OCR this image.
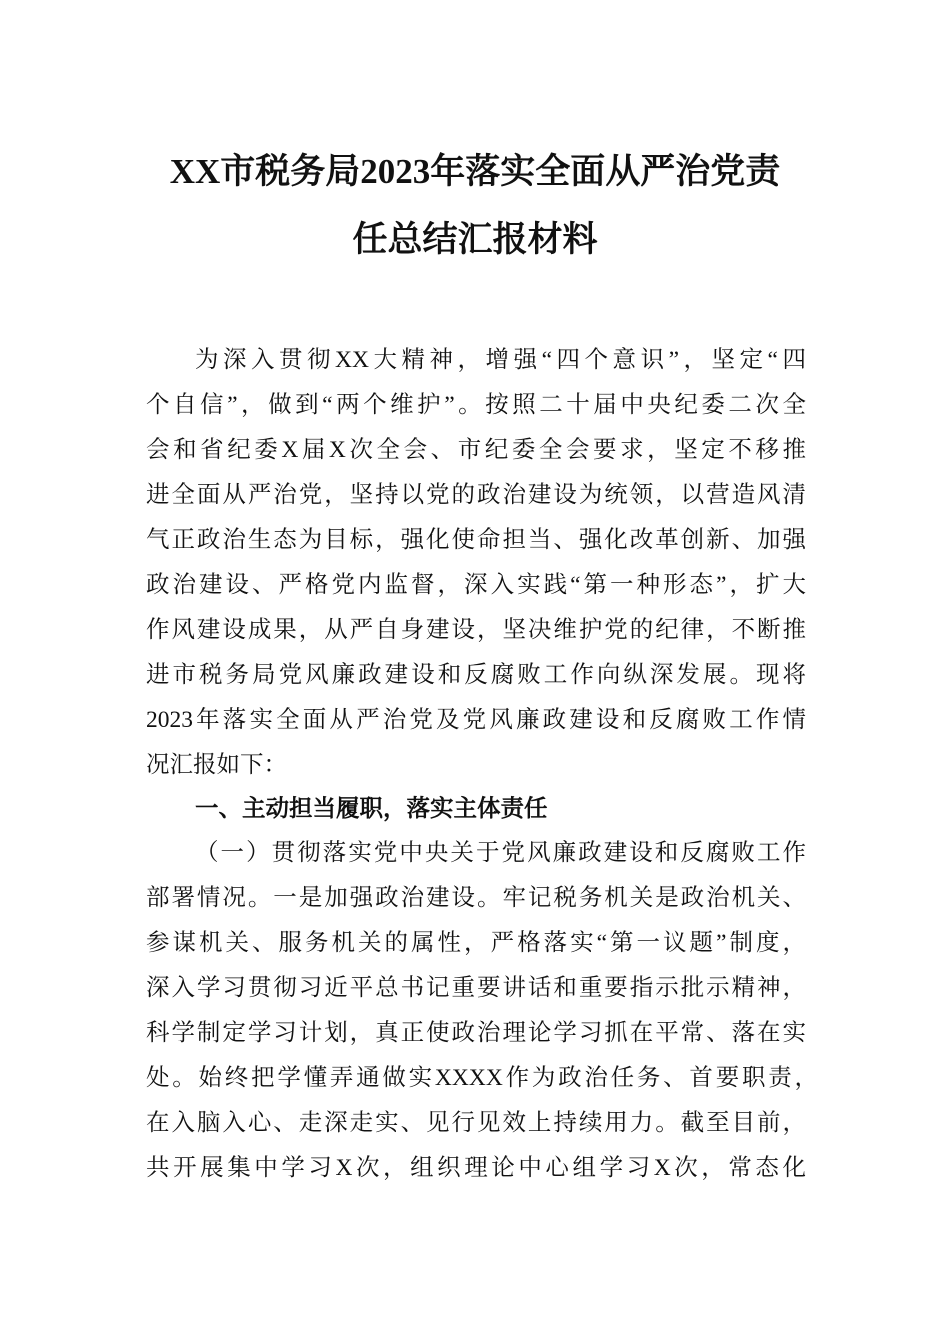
XX市税务局2023年落实全面从严治党责
任总结汇报材料
为深入贯彻XX大精神，增强“四个意识”，坚定“四
个自信”，做到“两个维护”。按照二十届中央纪委二次全
会和省纪委X届X次全会、市纪委全会要求，坚定不移推
进全面从严治党，坚持以党的政治建设为统领，以营造风清
气正政治生态为目标，强化使命担当、强化改革创新、加强
政治建设、严格党内监督，深入实践“第一种形态”，扩大
作风建设成果，从严自身建设，坚决维护党的纪律，不断推
进市税务局党风廉政建设和反腐败工作向纵深发展。现将
2023年落实全面从严治党及党风廉政建设和反腐败工作情
况汇报如下：
一、主动担当履职，落实主体责任
（一）贯彻落实党中央关于党风廉政建设和反腐败工作
部署情况。一是加强政治建设。牢记税务机关是政治机关、
参谋机关、服务机关的属性，严格落实“第一议题”制度，
深入学习贯彻习近平总书记重要讲话和重要指示批示精神，
科学制定学习计划，真正使政治理论学习抓在平常、落在实
处。始终把学懂弄通做实XXXX作为政治任务、首要职责，
在入脑入心、走深走实、见行见效上持续用力。截至目前，
共开展集中学习X次，组织理论中心组学习X次，常态化
